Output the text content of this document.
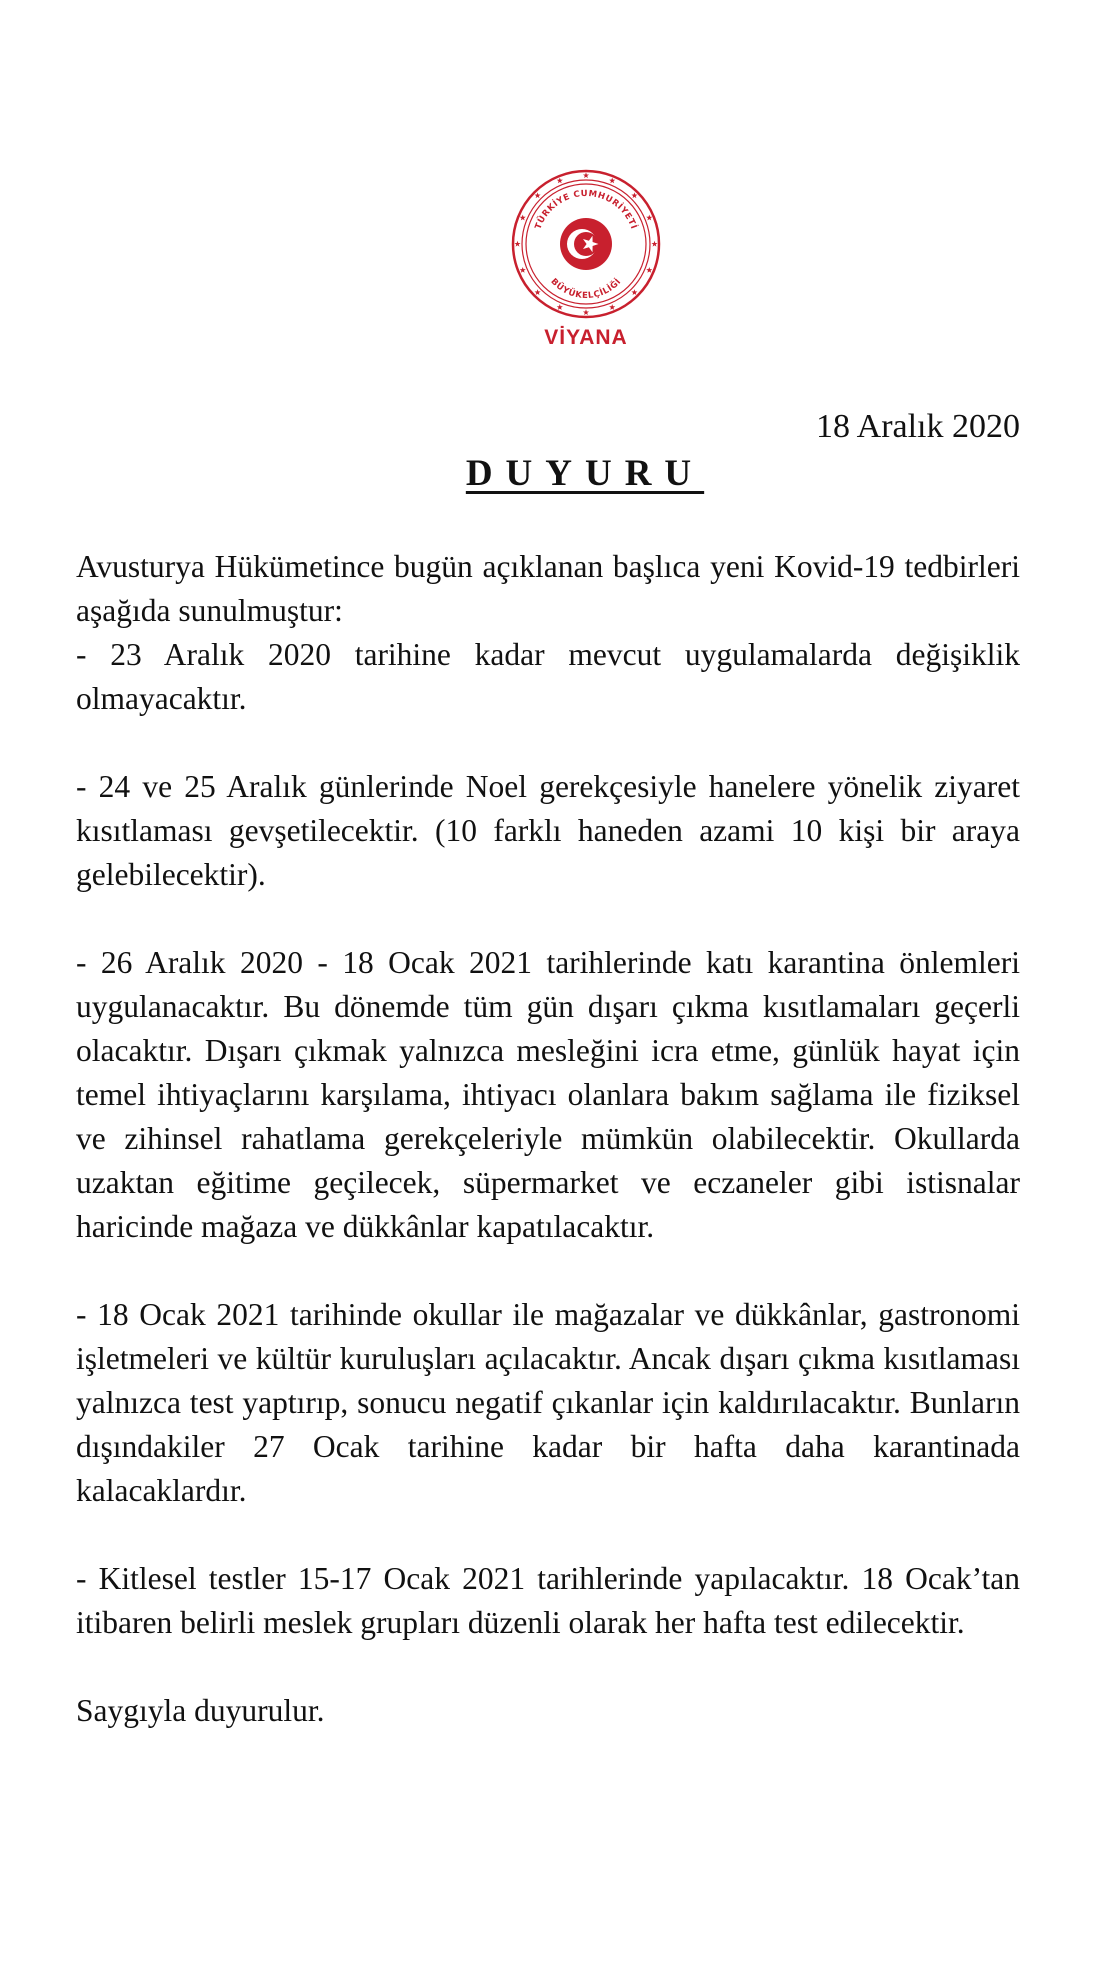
TÜRKİYE CUMHURİYETİ
BÜYÜKELÇİLİĞİ
VİYANA
18 Aralık 2020
DUYURU

Avusturya Hükümetince bugün açıklanan başlıca yeni Kovid-19 tedbirleri aşağıda sunulmuştur:

- 23 Aralık 2020 tarihine kadar mevcut uygulamalarda değişiklik olmayacaktır.

- 24 ve 25 Aralık günlerinde Noel gerekçesiyle hanelere yönelik ziyaret kısıtlaması gevşetilecektir. (10 farklı haneden azami 10 kişi bir araya gelebilecektir).

- 26 Aralık 2020 - 18 Ocak 2021 tarihlerinde katı karantina önlemleri uygulanacaktır. Bu dönemde tüm gün dışarı çıkma kısıtlamaları geçerli olacaktır. Dışarı çıkmak yalnızca mesleğini icra etme, günlük hayat için temel ihtiyaçlarını karşılama, ihtiyacı olanlara bakım sağlama ile fiziksel ve zihinsel rahatlama gerekçeleriyle mümkün olabilecektir. Okullarda uzaktan eğitime geçilecek, süpermarket ve eczaneler gibi istisnalar haricinde mağaza ve dükkânlar kapatılacaktır.

- 18 Ocak 2021 tarihinde okullar ile mağazalar ve dükkânlar, gastronomi işletmeleri ve kültür kuruluşları açılacaktır. Ancak dışarı çıkma kısıtlaması yalnızca test yaptırıp, sonucu negatif çıkanlar için kaldırılacaktır. Bunların dışındakiler 27 Ocak tarihine kadar bir hafta daha karantinada kalacaklardır.

- Kitlesel testler 15-17 Ocak 2021 tarihlerinde yapılacaktır. 18 Ocak’tan itibaren belirli meslek grupları düzenli olarak her hafta test edilecektir.

Saygıyla duyurulur.
